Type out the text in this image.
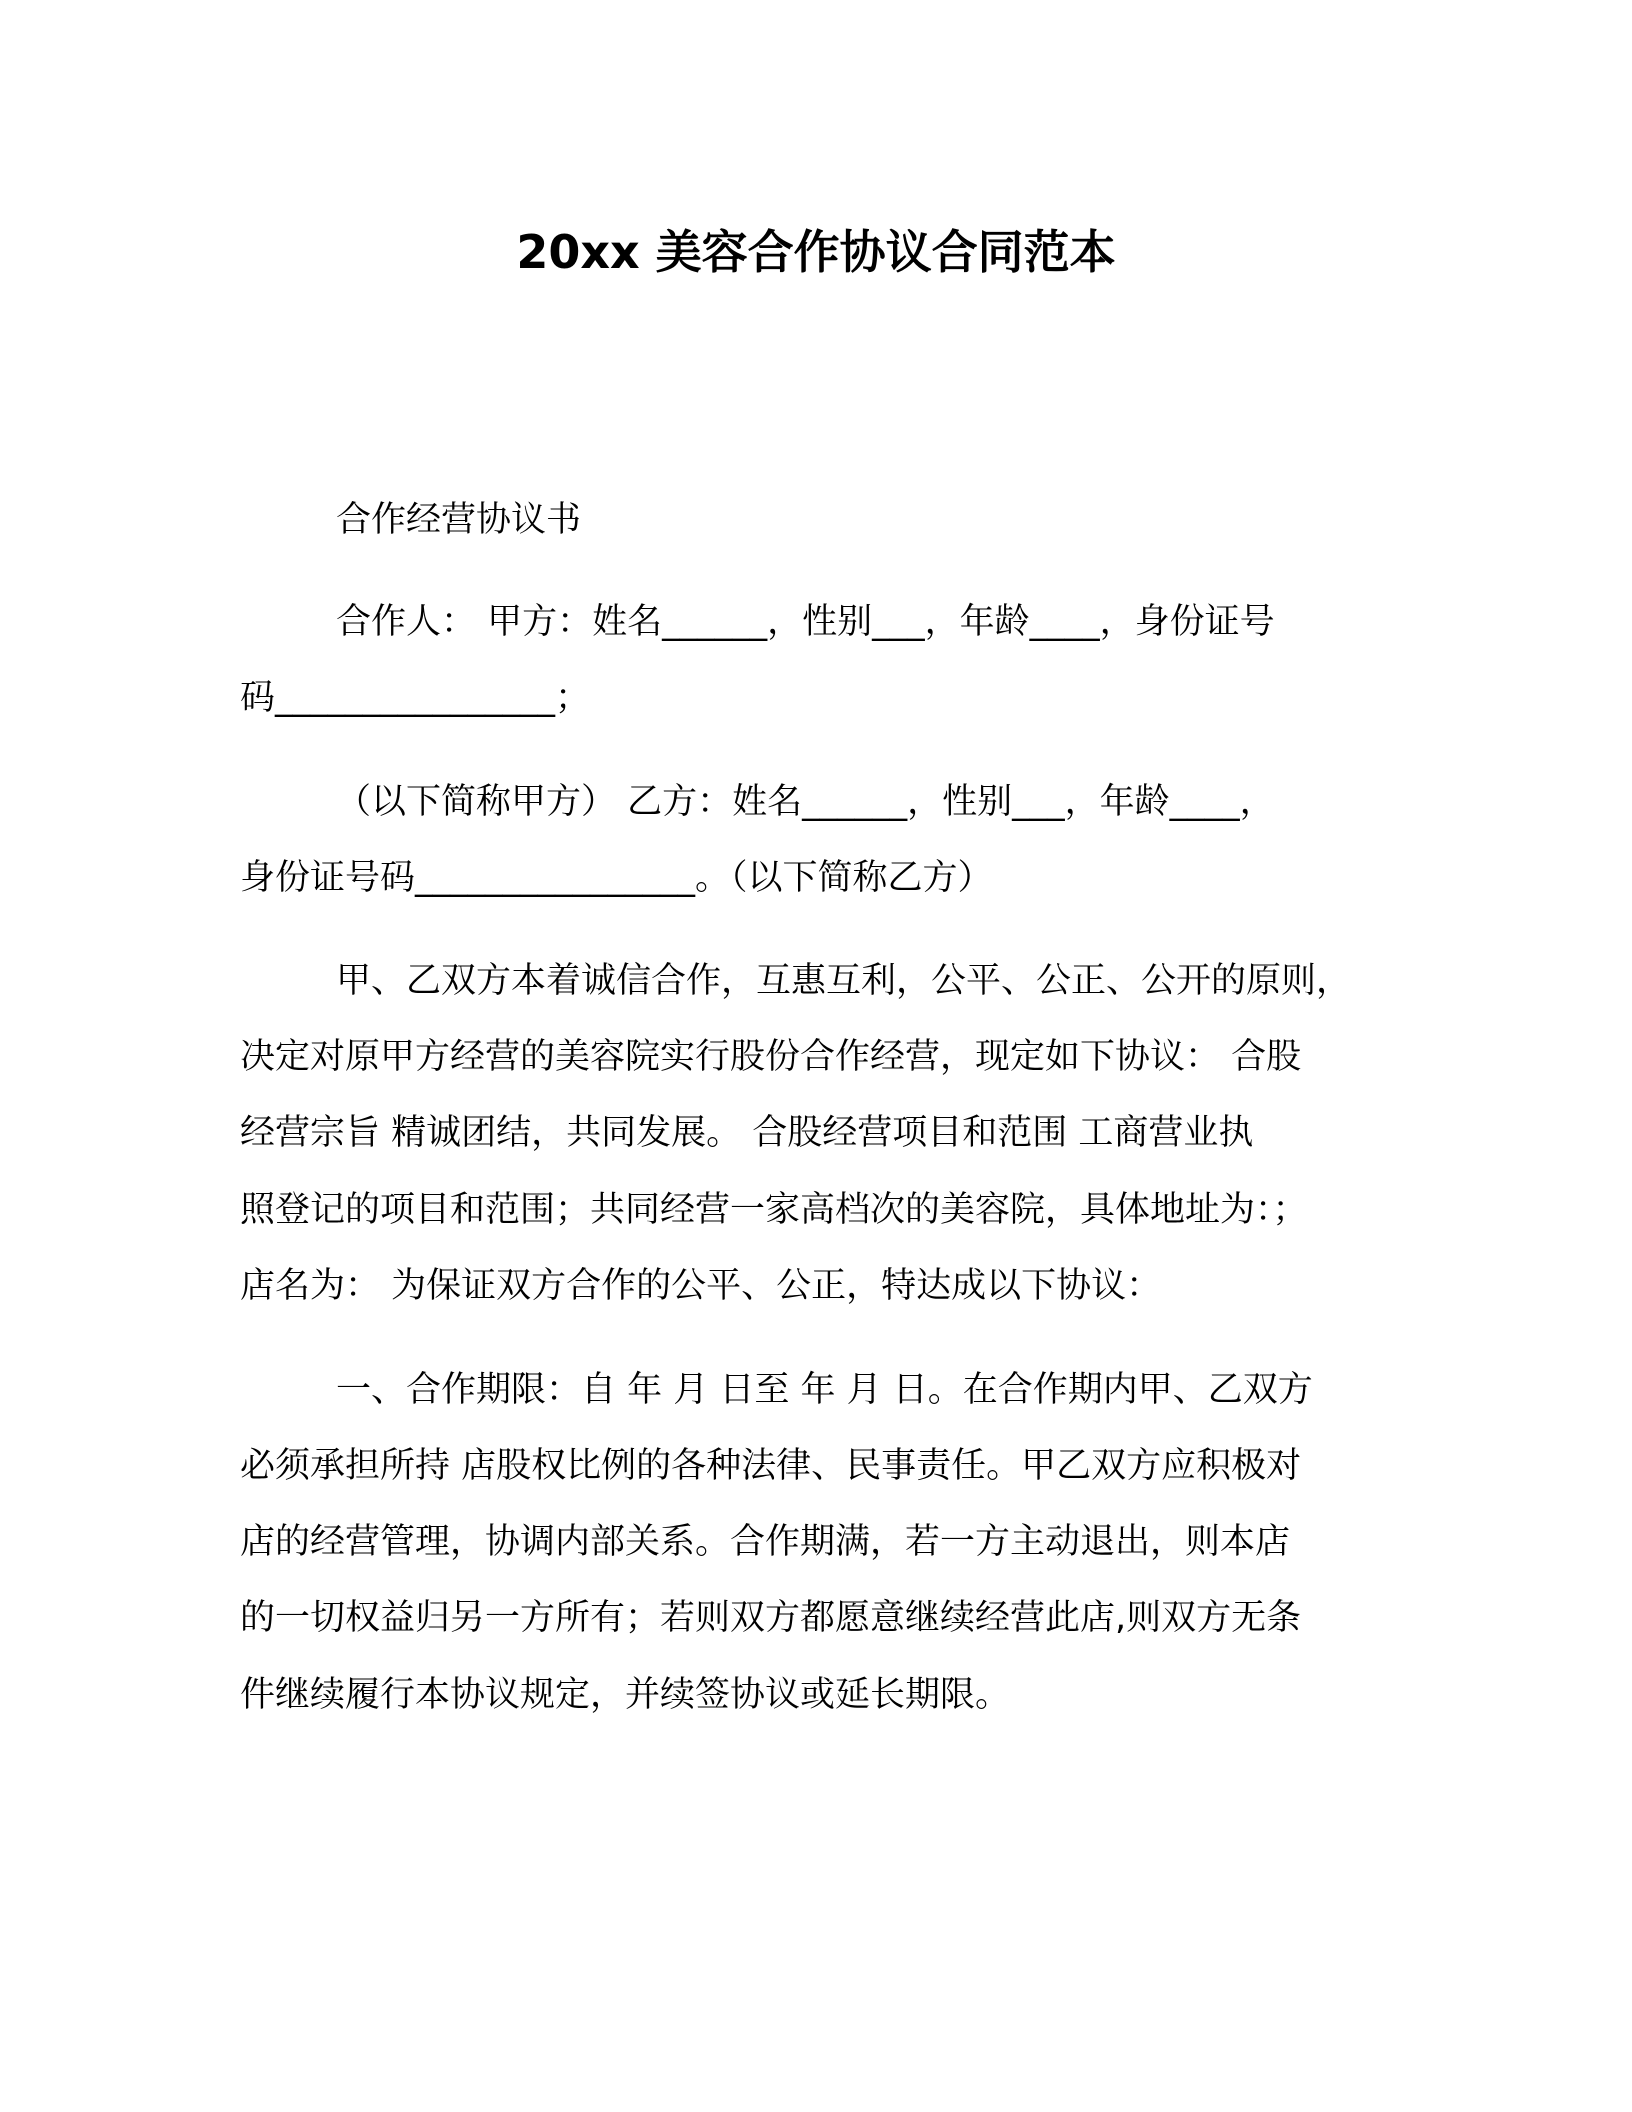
20xx 美容合作协议合同范本
合作经营协议书
合作人： 甲方：姓名______，性别___，年龄____，身份证号
码________________；
（以下简称甲方） 乙方：姓名______，性别___，年龄____，
身份证号码________________。（以下简称乙方）
甲、乙双方本着诚信合作，互惠互利，公平、公正、公开的原则，
决定对原甲方经营的美容院实行股份合作经营，现定如下协议： 合股
经营宗旨 精诚团结，共同发展。 合股经营项目和范围 工商营业执
照登记的项目和范围；共同经营一家高档次的美容院，具体地址为：；
店名为： 为保证双方合作的公平、公正，特达成以下协议：
一、合作期限：自 年 月 日至 年 月 日。在合作期内甲、乙双方
必须承担所持 店股权比例的各种法律、民事责任。甲乙双方应积极对
店的经营管理，协调内部关系。合作期满，若一方主动退出，则本店
的一切权益归另一方所有；若则双方都愿意继续经营此店,则双方无条
件继续履行本协议规定，并续签协议或延长期限。
